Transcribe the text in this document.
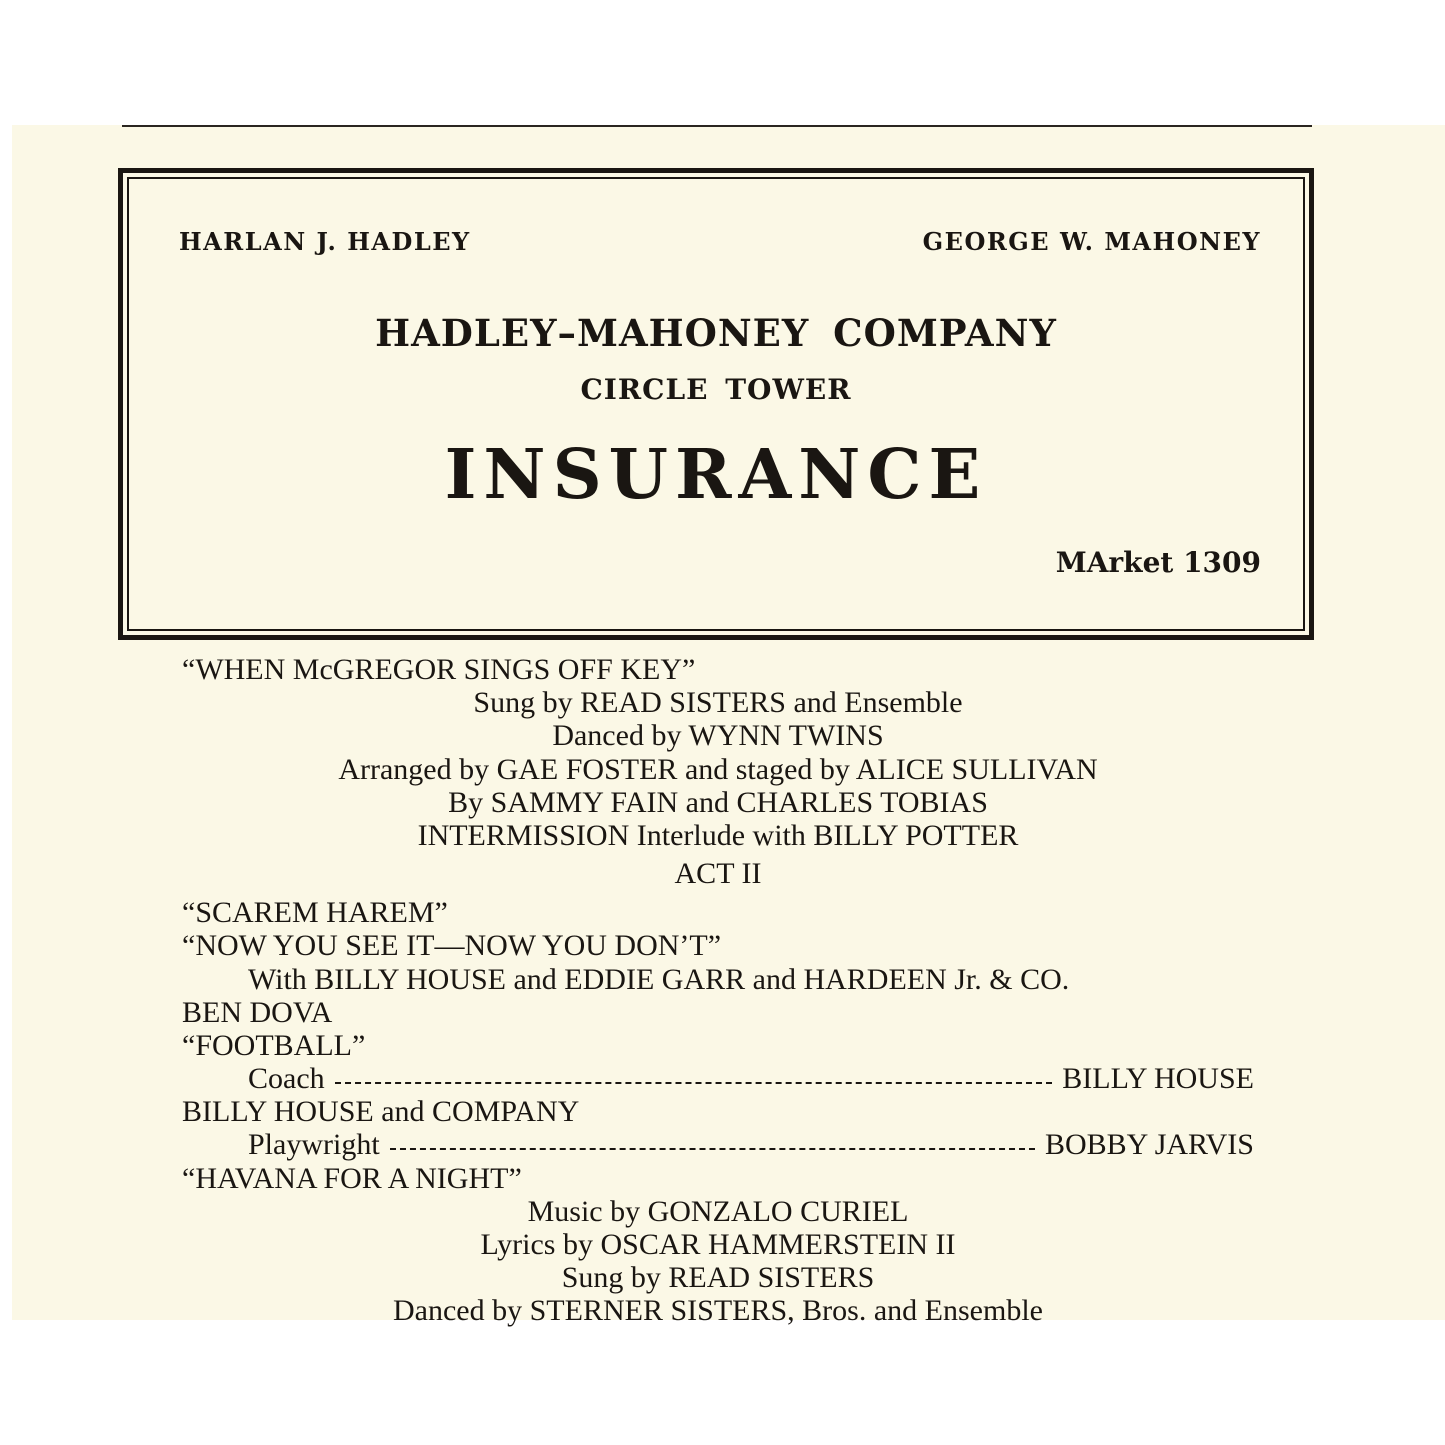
HARLAN J. HADLEY	GEORGE W. MAHONEY
HADLEY–MAHONEY COMPANY
CIRCLE TOWER
INSURANCE
MArket 1309
“WHEN McGREGOR SINGS OFF KEY”
Sung by READ SISTERS and Ensemble
Danced by WYNN TWINS
Arranged by GAE FOSTER and staged by ALICE SULLIVAN
By SAMMY FAIN and CHARLES TOBIAS
INTERMISSION Interlude with BILLY POTTER
ACT II
“SCAREM HAREM”
“NOW YOU SEE IT—NOW YOU DON’T”
With BILLY HOUSE and EDDIE GARR and HARDEEN Jr. & CO.
BEN DOVA
“FOOTBALL”
Coach	BILLY HOUSE
BILLY HOUSE and COMPANY
Playwright	BOBBY JARVIS
“HAVANA FOR A NIGHT”
Music by GONZALO CURIEL
Lyrics by OSCAR HAMMERSTEIN II
Sung by READ SISTERS
Danced by STERNER SISTERS, Bros. and Ensemble
